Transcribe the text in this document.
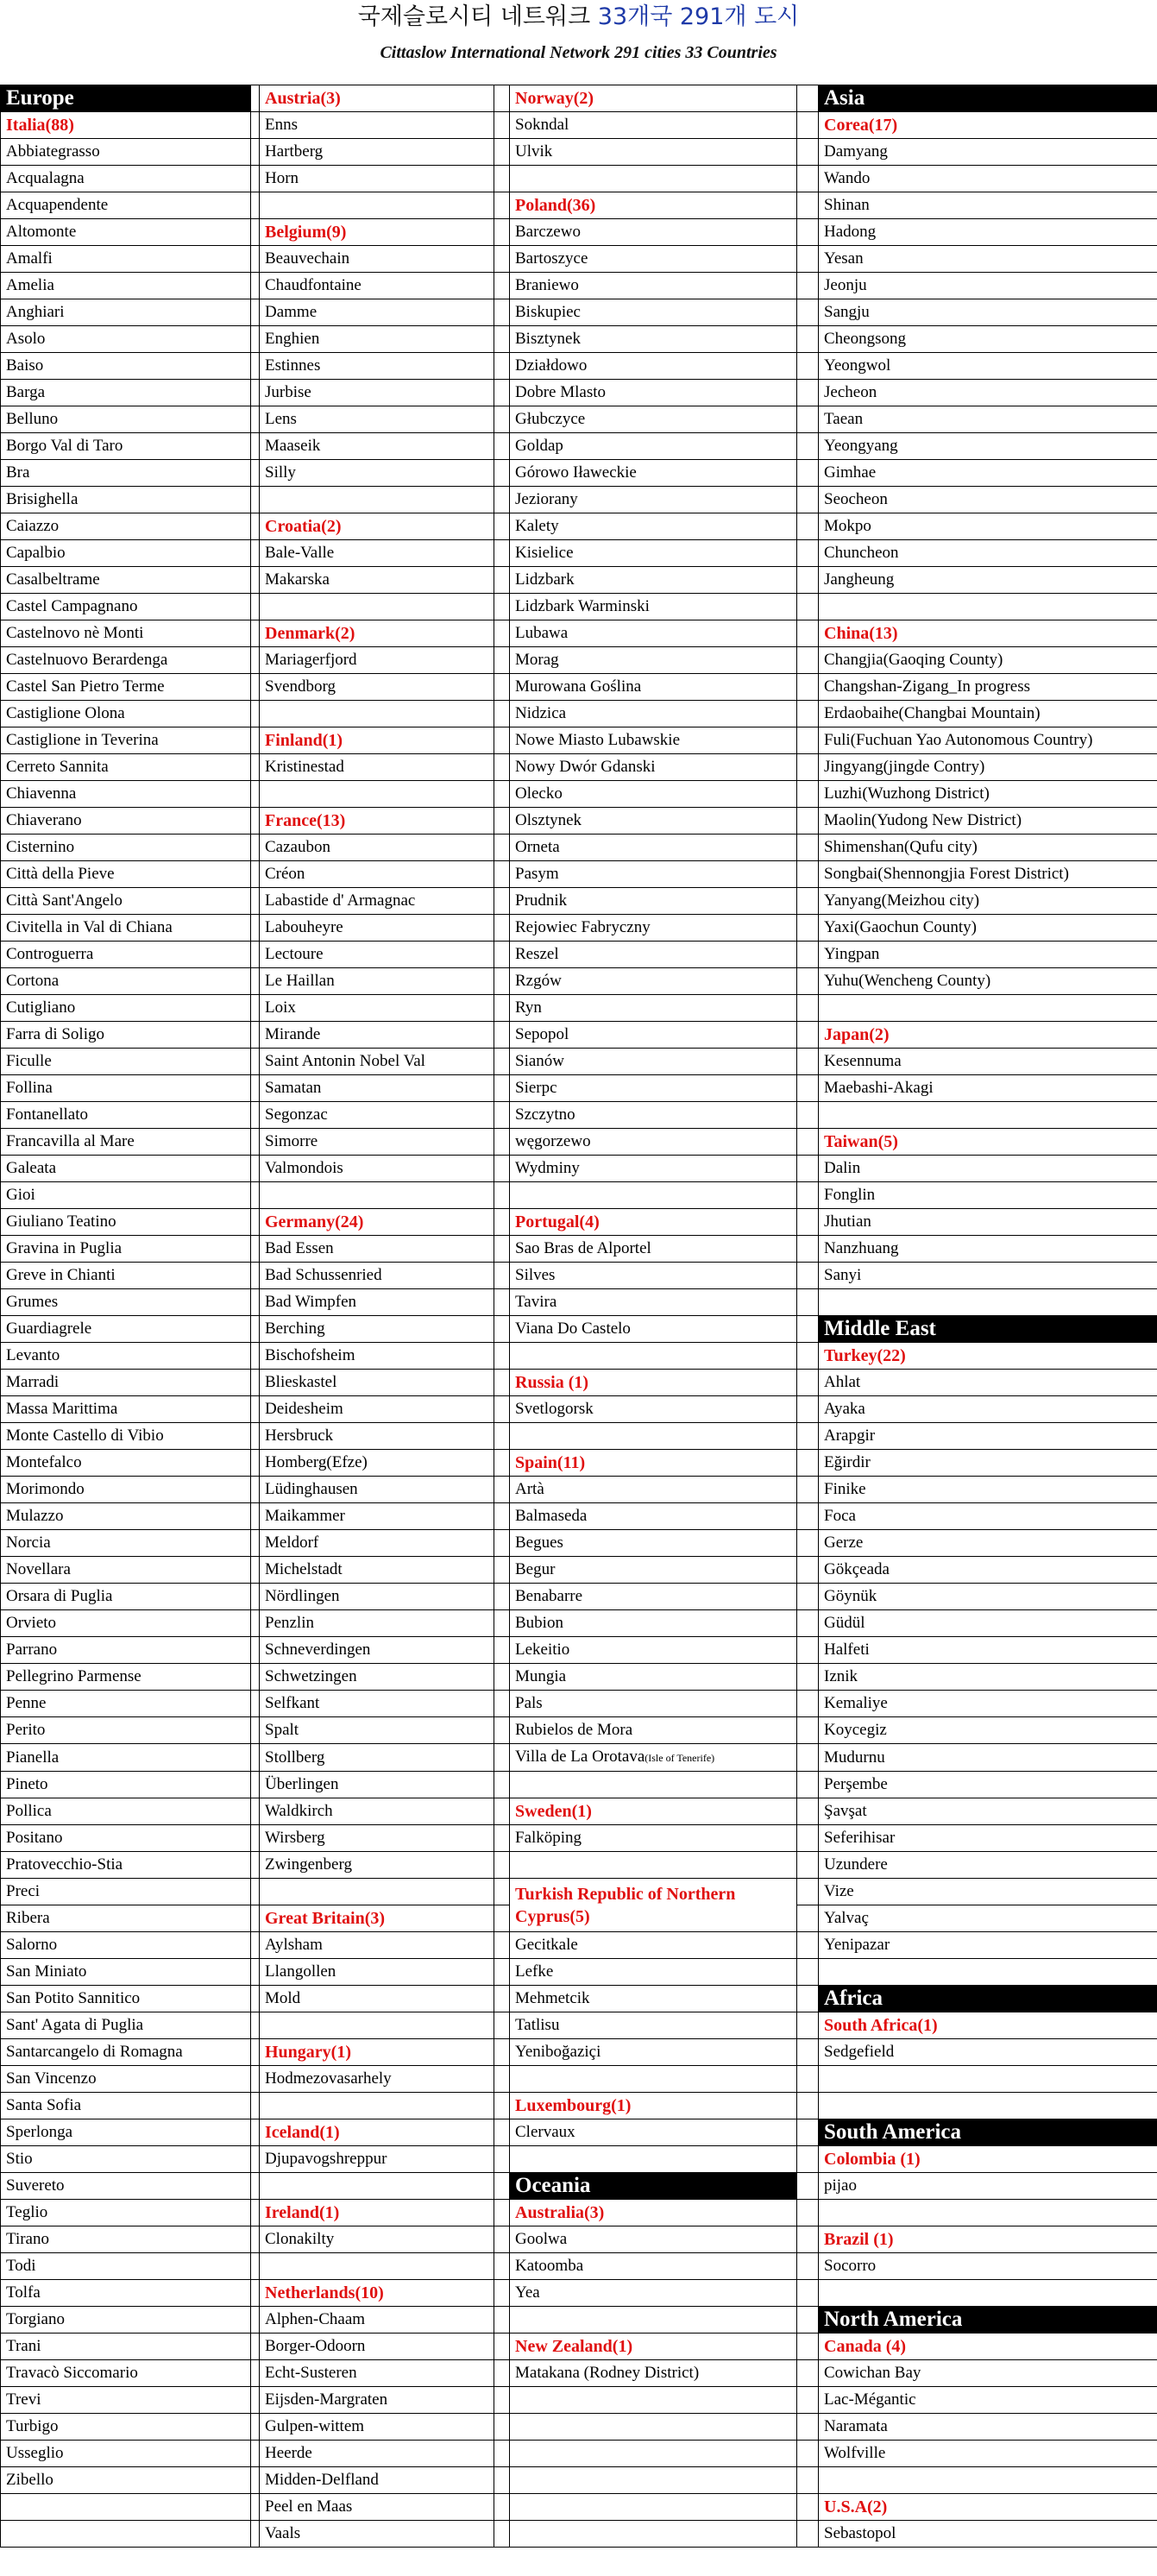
국제슬로시티 네트워크 33개국 291개 도시
Cittaslow International Network 291 cities 33 Countries
Europe		Austria(3)		Norway(2)		Asia
Italia(88)		Enns		Sokndal		Corea(17)
Abbiategrasso		Hartberg		Ulvik		Damyang
Acqualagna		Horn				Wando
Acquapendente				Poland(36)		Shinan
Altomonte		Belgium(9)		Barczewo		Hadong
Amalfi		Beauvechain		Bartoszyce		Yesan
Amelia		Chaudfontaine		Braniewo		Jeonju
Anghiari		Damme		Biskupiec		Sangju
Asolo		Enghien		Bisztynek		Cheongsong
Baiso		Estinnes		Działdowo		Yeongwol
Barga		Jurbise		Dobre Mlasto		Jecheon
Belluno		Lens		Głubczyce		Taean
Borgo Val di Taro		Maaseik		Goldap		Yeongyang
Bra		Silly		Górowo Iławeckie		Gimhae
Brisighella				Jeziorany		Seocheon
Caiazzo		Croatia(2)		Kalety		Mokpo
Capalbio		Bale-Valle		Kisielice		Chuncheon
Casalbeltrame		Makarska		Lidzbark		Jangheung
Castel Campagnano				Lidzbark Warminski		
Castelnovo nè Monti		Denmark(2)		Lubawa		China(13)
Castelnuovo Berardenga		Mariagerfjord		Morag		Changjia(Gaoqing County)
Castel San Pietro Terme		Svendborg		Murowana Goślina		Changshan-Zigang_In progress
Castiglione Olona				Nidzica		Erdaobaihe(Changbai Mountain)
Castiglione in Teverina		Finland(1)		Nowe Miasto Lubawskie		Fuli(Fuchuan Yao Autonomous Country)
Cerreto Sannita		Kristinestad		Nowy Dwór Gdanski		Jingyang(jingde Contry)
Chiavenna				Olecko		Luzhi(Wuzhong District)
Chiaverano		France(13)		Olsztynek		Maolin(Yudong New District)
Cisternino		Cazaubon		Orneta		Shimenshan(Qufu city)
Città della Pieve		Créon		Pasym		Songbai(Shennongjia Forest District)
Città Sant'Angelo		Labastide d' Armagnac		Prudnik		Yanyang(Meizhou city)
Civitella in Val di Chiana		Labouheyre		Rejowiec Fabryczny		Yaxi(Gaochun County)
Controguerra		Lectoure		Reszel		Yingpan
Cortona		Le Haillan		Rzgów		Yuhu(Wencheng County)
Cutigliano		Loix		Ryn		
Farra di Soligo		Mirande		Sepopol		Japan(2)
Ficulle		Saint Antonin Nobel Val		Sianów		Kesennuma
Follina		Samatan		Sierpc		Maebashi-Akagi
Fontanellato		Segonzac		Szczytno		
Francavilla al Mare		Simorre		węgorzewo		Taiwan(5)
Galeata		Valmondois		Wydminy		Dalin
Gioi						Fonglin
Giuliano Teatino		Germany(24)		Portugal(4)		Jhutian
Gravina in Puglia		Bad Essen		Sao Bras de Alportel		Nanzhuang
Greve in Chianti		Bad Schussenried		Silves		Sanyi
Grumes		Bad Wimpfen		Tavira		
Guardiagrele		Berching		Viana Do Castelo		Middle East
Levanto		Bischofsheim				Turkey(22)
Marradi		Blieskastel		Russia (1)		Ahlat
Massa Marittima		Deidesheim		Svetlogorsk		Ayaka
Monte Castello di Vibio		Hersbruck				Arapgir
Montefalco		Homberg(Efze)		Spain(11)		Eğirdir
Morimondo		Lüdinghausen		Artà		Finike
Mulazzo		Maikammer		Balmaseda		Foca
Norcia		Meldorf		Begues		Gerze
Novellara		Michelstadt		Begur		Gökçeada
Orsara di Puglia		Nördlingen		Benabarre		Göynük
Orvieto		Penzlin		Bubion		Güdül
Parrano		Schneverdingen		Lekeitio		Halfeti
Pellegrino Parmense		Schwetzingen		Mungia		Iznik
Penne		Selfkant		Pals		Kemaliye
Perito		Spalt		Rubielos de Mora		Koycegiz
Pianella		Stollberg		Villa de La Orotava(Isle of Tenerife)		Mudurnu
Pineto		Überlingen				Perşembe
Pollica		Waldkirch		Sweden(1)		Şavşat
Positano		Wirsberg		Falköping		Seferihisar
Pratovecchio-Stia		Zwingenberg				Uzundere
Preci				Turkish Republic of Northern Cyprus(5)		Vize
Ribera		Great Britain(3)				Yalvaç
Salorno		Aylsham		Gecitkale		Yenipazar
San Miniato		Llangollen		Lefke		
San Potito Sannitico		Mold		Mehmetcik		Africa
Sant' Agata di Puglia				Tatlisu		South Africa(1)
Santarcangelo di Romagna		Hungary(1)		Yeniboğaziçi		Sedgefield
San Vincenzo		Hodmezovasarhely				
Santa Sofia				Luxembourg(1)		
Sperlonga		Iceland(1)		Clervaux		South America
Stio		Djupavogshreppur				Colombia (1)
Suvereto				Oceania		pijao
Teglio		Ireland(1)		Australia(3)		
Tirano		Clonakilty		Goolwa		Brazil (1)
Todi				Katoomba		Socorro
Tolfa		Netherlands(10)		Yea		
Torgiano		Alphen-Chaam				North America
Trani		Borger-Odoorn		New Zealand(1)		Canada (4)
Travacò Siccomario		Echt-Susteren		Matakana (Rodney District)		Cowichan Bay
Trevi		Eijsden-Margraten				Lac-Mégantic
Turbigo		Gulpen-wittem				Naramata
Usseglio		Heerde				Wolfville
Zibello		Midden-Delfland				
		Peel en Maas				U.S.A(2)
		Vaals				Sebastopol
